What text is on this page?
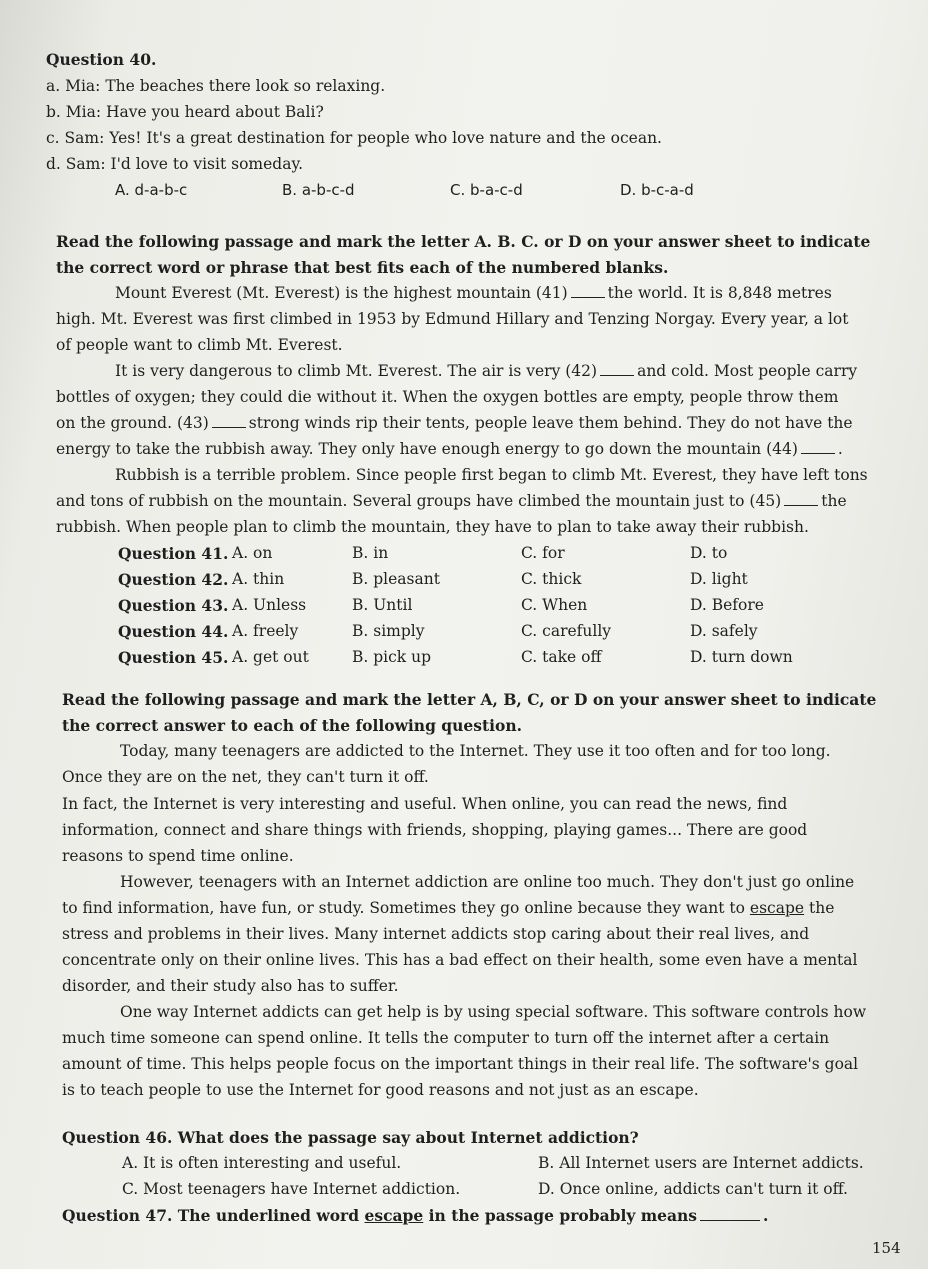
Question 40.
a. Mia: The beaches there look so relaxing.
b. Mia: Have you heard about Bali?
c. Sam: Yes! It's a great destination for people who love nature and the ocean.
d. Sam: I'd love to visit someday.
A. d-a-b-c	B. a-b-c-d	C. b-a-c-d	D. b-c-a-d
Read the following passage and mark the letter A. B. C. or D on your answer sheet to indicate
the correct word or phrase that best fits each of the numbered blanks.
Mount Everest (Mt. Everest) is the highest mountain (41)	the world. It is 8,848 metres
high. Mt. Everest was first climbed in 1953 by Edmund Hillary and Tenzing Norgay. Every year, a lot
of people want to climb Mt. Everest.
It is very dangerous to climb Mt. Everest. The air is very (42)	and cold. Most people carry
bottles of oxygen; they could die without it. When the oxygen bottles are empty, people throw them
on the ground. (43)	strong winds rip their tents, people leave them behind. They do not have the
energy to take the rubbish away. They only have enough energy to go down the mountain (44)	.
Rubbish is a terrible problem. Since people first began to climb Mt. Everest, they have left tons
and tons of rubbish on the mountain. Several groups have climbed the mountain just to (45)	the
rubbish. When people plan to climb the mountain, they have to plan to take away their rubbish.
Question 41. A. on	B. in	C. for	D. to
Question 42. A. thin	B. pleasant	C. thick	D. light
Question 43. A. Unless	B. Until	C. When	D. Before
Question 44. A. freely	B. simply	C. carefully	D. safely
Question 45. A. get out	B. pick up	C. take off	D. turn down
Read the following passage and mark the letter A, B, C, or D on your answer sheet to indicate
the correct answer to each of the following question.
Today, many teenagers are addicted to the Internet. They use it too often and for too long.
Once they are on the net, they can't turn it off.
In fact, the Internet is very interesting and useful. When online, you can read the news, find
information, connect and share things with friends, shopping, playing games... There are good
reasons to spend time online.
However, teenagers with an Internet addiction are online too much. They don't just go online
to find information, have fun, or study. Sometimes they go online because they want to escape the
stress and problems in their lives. Many internet addicts stop caring about their real lives, and
concentrate only on their online lives. This has a bad effect on their health, some even have a mental
disorder, and their study also has to suffer.
One way Internet addicts can get help is by using special software. This software controls how
much time someone can spend online. It tells the computer to turn off the internet after a certain
amount of time. This helps people focus on the important things in their real life. The software's goal
is to teach people to use the Internet for good reasons and not just as an escape.
Question 46. What does the passage say about Internet addiction?
A. It is often interesting and useful.	B. All Internet users are Internet addicts.
C. Most teenagers have Internet addiction.	D. Once online, addicts can't turn it off.
Question 47. The underlined word escape in the passage probably means	.
154
